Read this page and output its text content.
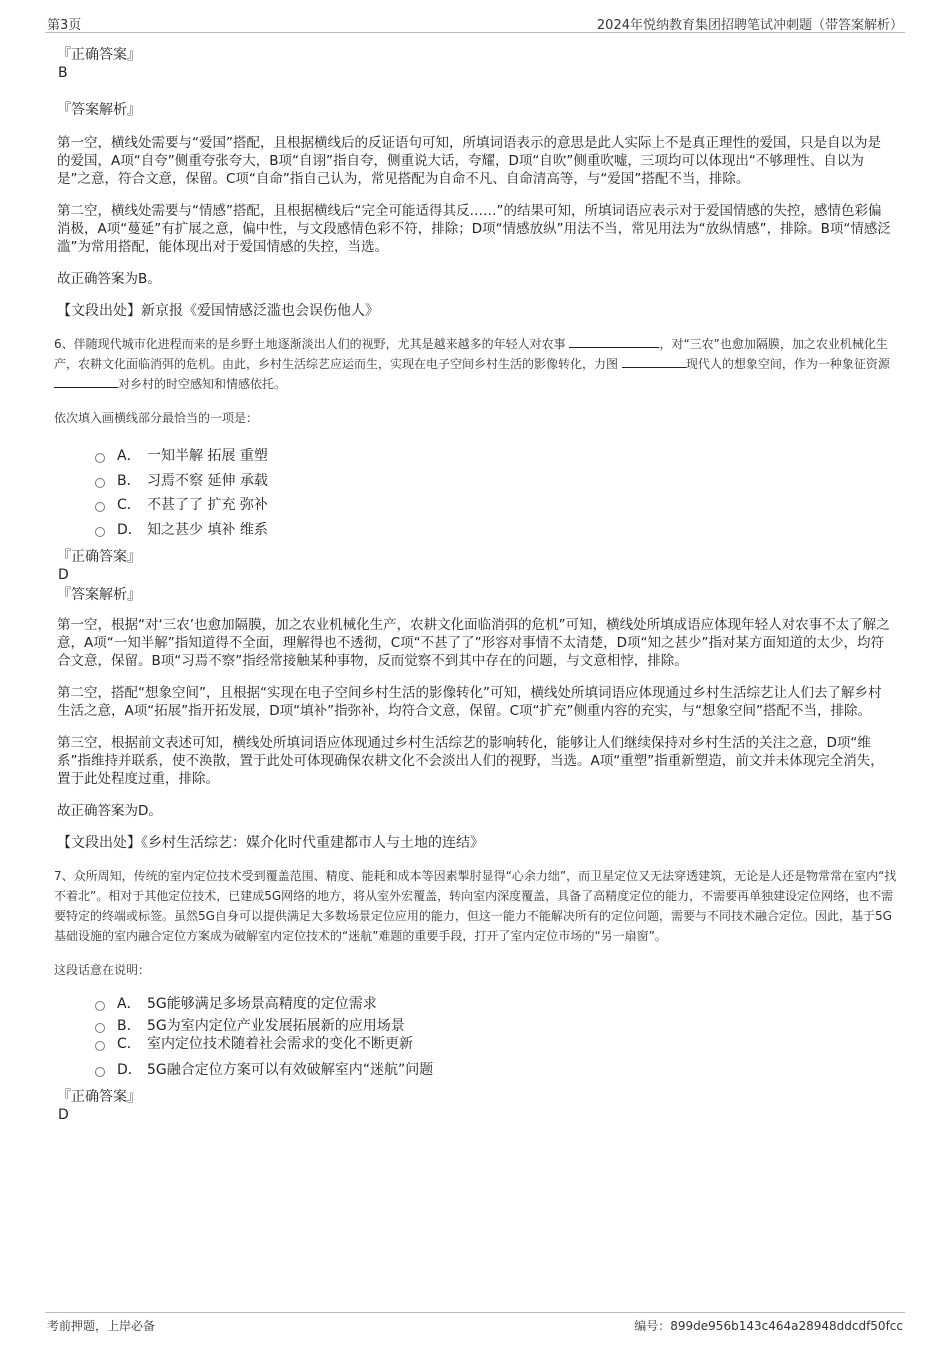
第3页	2024年悦纳教育集团招聘笔试冲刺题（带答案解析）
『正确答案』
B
『答案解析』

第一空，横线处需要与“爱国”搭配，且根据横线后的反证语句可知，所填词语表示的意思是此人实际上不是真正理性的爱国，只是自以为是的爱国，A项“自夸”侧重夸张夸大，B项“自诩”指自夸，侧重说大话，夸耀，D项“自吹”侧重吹嘘，三项均可以体现出“不够理性、自以为是”之意，符合文意，保留。C项“自命”指自己认为，常见搭配为自命不凡、自命清高等，与“爱国”搭配不当，排除。

第二空，横线处需要与“情感”搭配，且根据横线后“完全可能适得其反……”的结果可知，所填词语应表示对于爱国情感的失控，感情色彩偏消极，A项“蔓延”有扩展之意，偏中性，与文段感情色彩不符，排除；D项“情感放纵”用法不当，常见用法为“放纵情感”，排除。B项“情感泛滥”为常用搭配，能体现出对于爱国情感的失控，当选。

故正确答案为B。

【文段出处】新京报《爱国情感泛滥也会误伤他人》

6、伴随现代城市化进程而来的是乡野土地逐渐淡出人们的视野，尤其是越来越多的年轻人对农事	，对“三农”也愈加隔膜，加之农业机械化生产，农耕文化面临消弭的危机。由此，乡村生活综艺应运而生，实现在电子空间乡村生活的影像转化，力图	现代人的想象空间，作为一种象征资源 对乡村的时空感知和情感依托。

依次填入画横线部分最恰当的一项是：

A． 一知半解 拓展 重塑
B． 习焉不察 延伸 承载
C． 不甚了了 扩充 弥补
D． 知之甚少 填补 维系
『正确答案』
D
『答案解析』

第一空，根据“对‘三农’也愈加隔膜，加之农业机械化生产，农耕文化面临消弭的危机”可知，横线处所填成语应体现年轻人对农事不太了解之意，A项“一知半解”指知道得不全面，理解得也不透彻，C项“不甚了了”形容对事情不太清楚，D项“知之甚少”指对某方面知道的太少，均符合文意，保留。B项“习焉不察”指经常接触某种事物，反而觉察不到其中存在的问题，与文意相悖，排除。

第二空，搭配“想象空间”，且根据“实现在电子空间乡村生活的影像转化”可知，横线处所填词语应体现通过乡村生活综艺让人们去了解乡村生活之意，A项“拓展”指开拓发展，D项“填补”指弥补，均符合文意，保留。C项“扩充”侧重内容的充实，与“想象空间”搭配不当，排除。

第三空，根据前文表述可知，横线处所填词语应体现通过乡村生活综艺的影响转化，能够让人们继续保持对乡村生活的关注之意，D项“维系”指维持并联系，使不涣散，置于此处可体现确保农耕文化不会淡出人们的视野，当选。A项“重塑”指重新塑造，前文并未体现完全消失，置于此处程度过重，排除。

故正确答案为D。

【文段出处】《乡村生活综艺：媒介化时代重建都市人与土地的连结》

7、众所周知，传统的室内定位技术受到覆盖范围、精度、能耗和成本等因素掣肘显得“心余力绌”，而卫星定位又无法穿透建筑，无论是人还是物常常在室内“找不着北”。相对于其他定位技术，已建成5G网络的地方，将从室外宏覆盖，转向室内深度覆盖，具备了高精度定位的能力，不需要再单独建设定位网络，也不需要特定的终端或标签。虽然5G自身可以提供满足大多数场景定位应用的能力，但这一能力不能解决所有的定位问题，需要与不同技术融合定位。因此，基于5G基础设施的室内融合定位方案成为破解室内定位技术的“迷航”难题的重要手段，打开了室内定位市场的“另一扇窗”。

这段话意在说明：

A． 5G能够满足多场景高精度的定位需求
B． 5G为室内定位产业发展拓展新的应用场景
C． 室内定位技术随着社会需求的变化不断更新
D． 5G融合定位方案可以有效破解室内“迷航”问题
『正确答案』
D
考前押题，上岸必备	编号：899de956b143c464a28948ddcdf50fcc
